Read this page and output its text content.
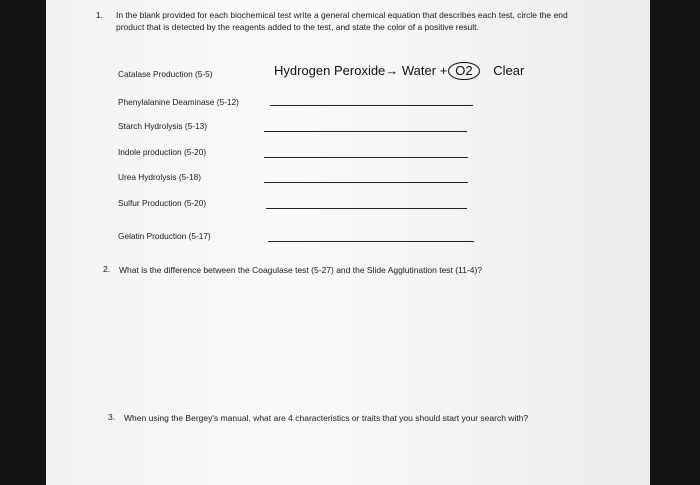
1. In the blank provided for each biochemical test write a general chemical equation that describes each test, circle the end product that is detected by the reagents added to the test, and state the color of a positive result.
Catalase Production (5-5)	Hydrogen Peroxide→ Water + O2 Clear
Phenylalanine Deaminase (5-12)
Starch Hydrolysis (5-13)
Indole production (5-20)
Urea Hydrolysis (5-18)
Sulfur Production (5-20)
Gelatin Production (5-17)
2. What is the difference between the Coagulase test (5-27) and the Slide Agglutination test (11-4)?
3. When using the Bergey's manual, what are 4 characteristics or traits that you should start your search with?
